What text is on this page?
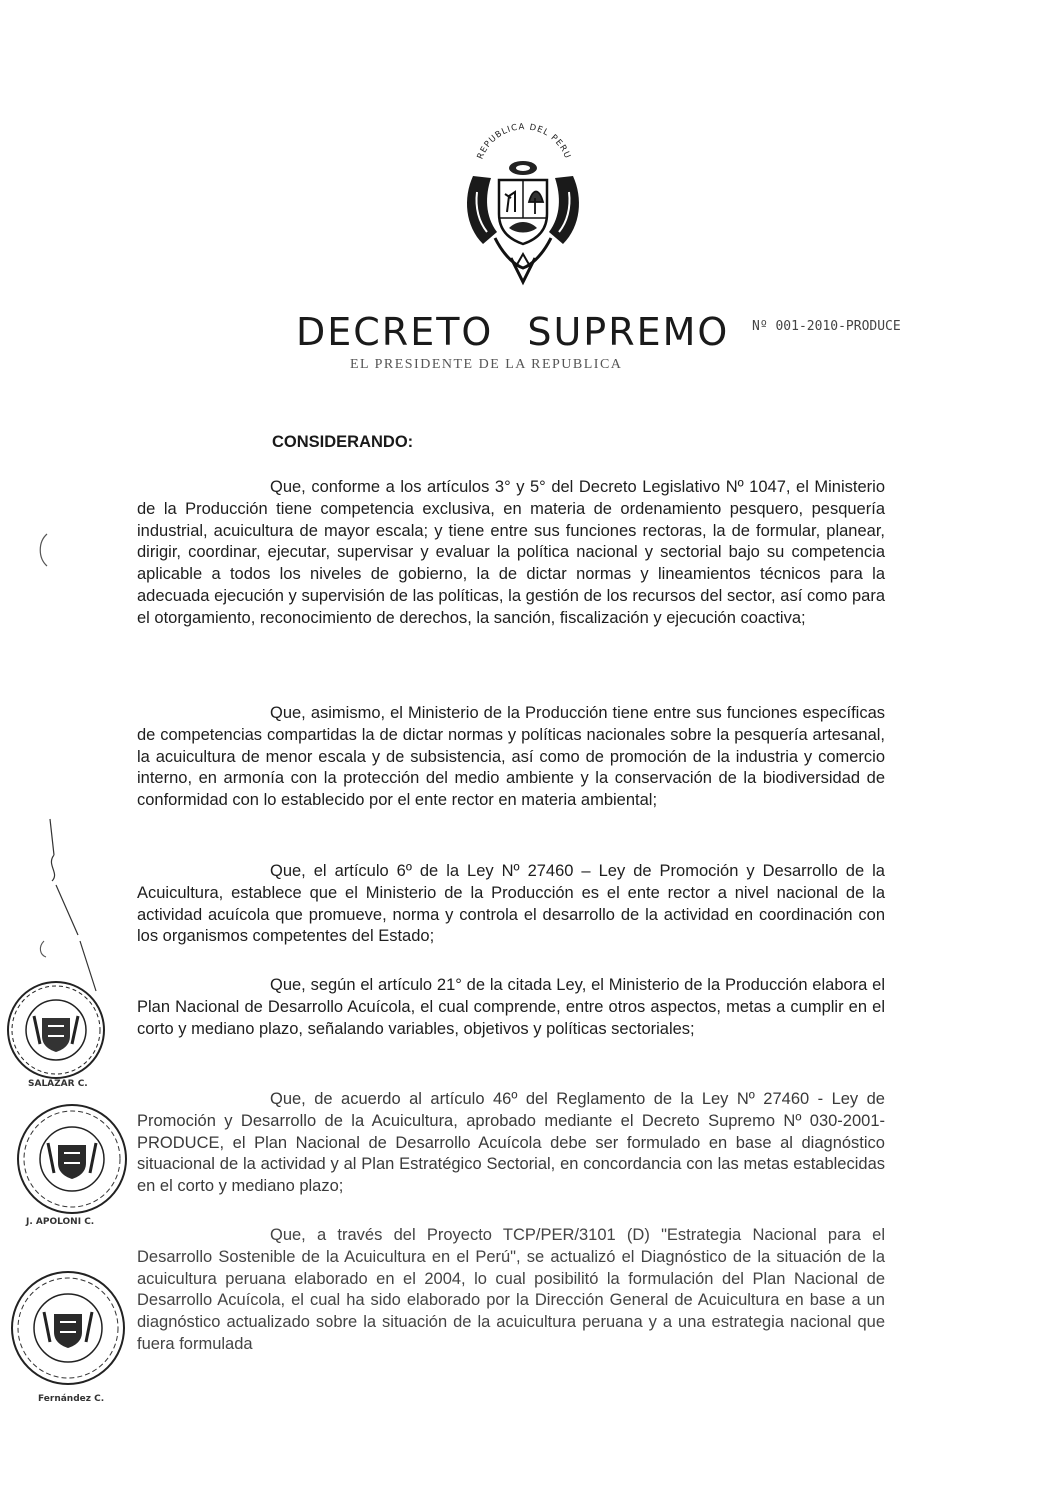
REPUBLICA DEL PERU
DECRETO SUPREMO Nº 001-2010-PRODUCE
EL PRESIDENTE DE LA REPUBLICA
CONSIDERANDO:

Que, conforme a los artículos 3° y 5° del Decreto Legislativo Nº 1047, el Ministerio de la Producción tiene competencia exclusiva, en materia de ordenamiento pesquero, pesquería industrial, acuicultura de mayor escala; y tiene entre sus funciones rectoras, la de formular, planear, dirigir, coordinar, ejecutar, supervisar y evaluar la política nacional y sectorial bajo su competencia aplicable a todos los niveles de gobierno, la de dictar normas y lineamientos técnicos para la adecuada ejecución y supervisión de las políticas, la gestión de los recursos del sector, así como para el otorgamiento, reconocimiento de derechos, la sanción, fiscalización y ejecución coactiva;

Que, asimismo, el Ministerio de la Producción tiene entre sus funciones específicas de competencias compartidas la de dictar normas y políticas nacionales sobre la pesquería artesanal, la acuicultura de menor escala y de subsistencia, así como de promoción de la industria y comercio interno, en armonía con la protección del medio ambiente y la conservación de la biodiversidad de conformidad con lo establecido por el ente rector en materia ambiental;

Que, el artículo 6º de la Ley Nº 27460 – Ley de Promoción y Desarrollo de la Acuicultura, establece que el Ministerio de la Producción es el ente rector a nivel nacional de la actividad acuícola que promueve, norma y controla el desarrollo de la actividad en coordinación con los organismos competentes del Estado;

Que, según el artículo 21° de la citada Ley, el Ministerio de la Producción elabora el Plan Nacional de Desarrollo Acuícola, el cual comprende, entre otros aspectos, metas a cumplir en el corto y mediano plazo, señalando variables, objetivos y políticas sectoriales;

Que, de acuerdo al artículo 46º del Reglamento de la Ley Nº 27460 - Ley de Promoción y Desarrollo de la Acuicultura, aprobado mediante el Decreto Supremo Nº 030-2001-PRODUCE, el Plan Nacional de Desarrollo Acuícola debe ser formulado en base al diagnóstico situacional de la actividad y al Plan Estratégico Sectorial, en concordancia con las metas establecidas en el corto y mediano plazo;

Que, a través del Proyecto TCP/PER/3101 (D) "Estrategia Nacional para el Desarrollo Sostenible de la Acuicultura en el Perú", se actualizó el Diagnóstico de la situación de la acuicultura peruana elaborado en el 2004, lo cual posibilitó la formulación del Plan Nacional de Desarrollo Acuícola, el cual ha sido elaborado por la Dirección General de Acuicultura en base a un diagnóstico actualizado sobre la situación de la acuicultura peruana y a una estrategia nacional que fuera formulada

SALAZAR C.
J. APOLONI C.
Fernández C.
